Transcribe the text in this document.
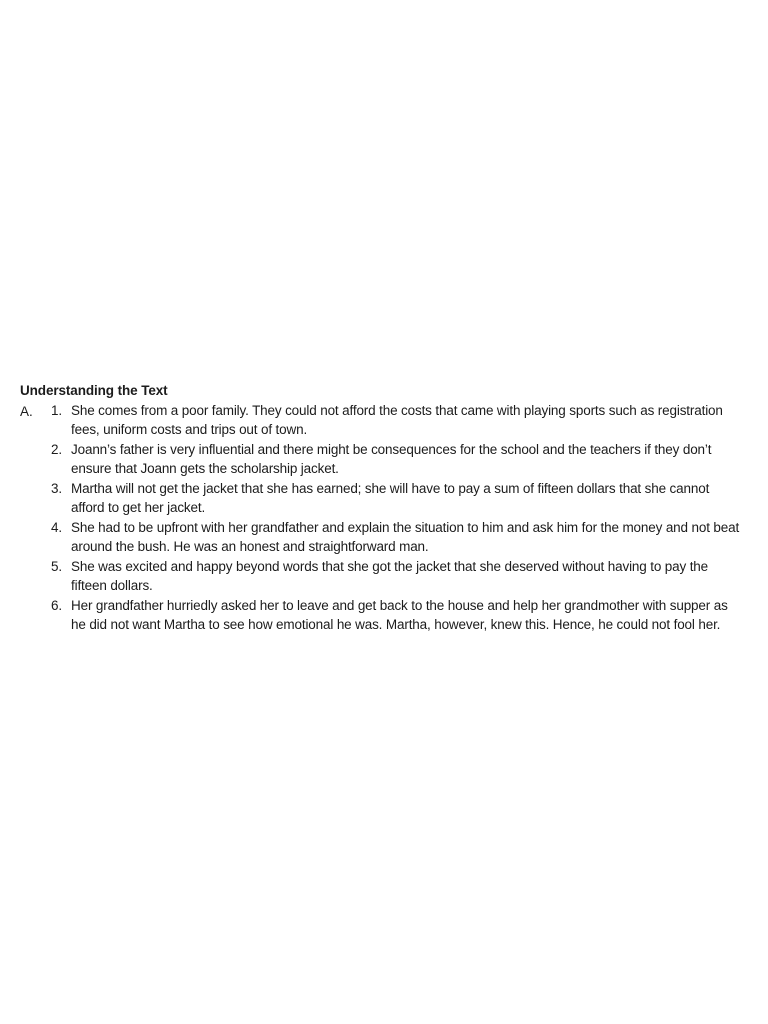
Understanding the Text
A.	1. She comes from a poor family. They could not afford the costs that came with playing sports such as registration fees, uniform costs and trips out of town.
2. Joann’s father is very influential and there might be consequences for the school and the teachers if they don’t ensure that Joann gets the scholarship jacket.
3. Martha will not get the jacket that she has earned; she will have to pay a sum of fifteen dollars that she cannot afford to get her jacket.
4. She had to be upfront with her grandfather and explain the situation to him and ask him for the money and not beat around the bush. He was an honest and straightforward man.
5. She was excited and happy beyond words that she got the jacket that she deserved without having to pay the fifteen dollars.
6. Her grandfather hurriedly asked her to leave and get back to the house and help her grandmother with supper as he did not want Martha to see how emotional he was. Martha, however, knew this. Hence, he could not fool her.
